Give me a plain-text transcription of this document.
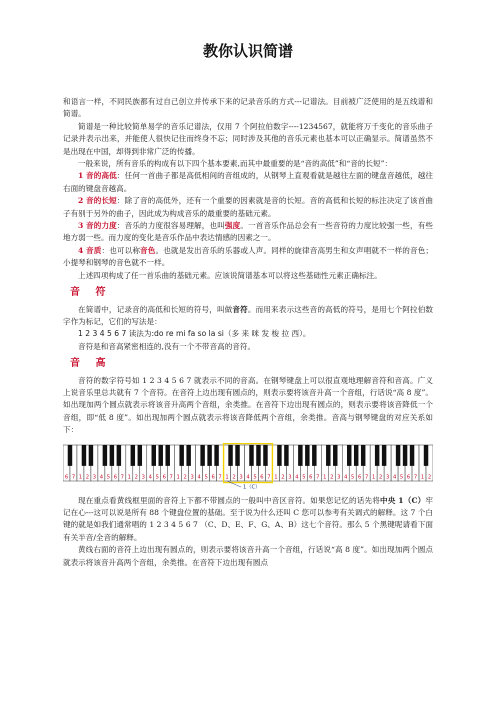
教你认识简谱

和语言一样，不同民族都有过自己创立并传承下来的记录音乐的方式---记谱法。目前被广泛使用的是五线谱和简谱。

简谱是一种比较简单易学的音乐记谱法，仅用 7 个阿拉伯数字----1234567，就能将万千变化的音乐曲子记录并表示出来，并能使人很快记住而终身不忘；同时涉及其他的音乐元素也基本可以正确显示。简谱虽然不是出现在中国，却得到非常广泛的传播。

一般来说，所有音乐的构成有以下四个基本要素,而其中最重要的是“音的高低”和“音的长短”：

1 音的高低：任何一首曲子都是高低相间的音组成的，从钢琴上直观看就是越往左面的键盘音越低，越往右面的键盘音越高。

2 音的长短：除了音的高低外，还有一个重要的因素就是音的长短。音的高低和长短的标注决定了该首曲子有别于另外的曲子，因此成为构成音乐的最重要的基础元素。

3 音的力度：音乐的力度很容易理解，也叫强度。一首音乐作品总会有一些音符的力度比较强一些，有些地方弱一些。而力度的变化是音乐作品中表达情感的因素之一。

4 音质：也可以称音色。也就是发出音乐的乐器或人声。同样的旋律音高男生和女声唱就不一样的音色；小提琴和钢琴的音色就不一样。

上述四项构成了任一首乐曲的基础元素。应该说简谱基本可以将这些基础性元素正确标注。

音 符

在简谱中，记录音的高低和长短的符号，叫做音符。而用来表示这些音的高低的符号，是用七个阿拉伯数字作为标记，它们的写法是：

1 2 3 4 5 6 7 读法为:do re mi fa so la si（多 来 咪 发 梭 拉 西）。

音符是和音高紧密相连的,没有一个不带音高的音符。

音 高

音符的数字符号如 1 2 3 4 5 6 7 就表示不同的音高。在钢琴键盘上可以很直观地理解音符和音高。广义上说音乐里总共就有 7 个音符。在音符上边出现有圆点的，则表示要将该音升高一个音组，行话说“高 8 度”。如出现加两个圆点就表示将该音升高两个音组，余类推。在音符下边出现有圆点的，则表示要将该音降低一个音组，即“低 8 度”。如出现加两个圆点就表示将该音降低两个音组，余类推。音高与钢琴键盘的对应关系如下：

6 7 1 2 3 4 5 6 7 1 2 3 4 5 6 7 1 2 3 4 5 6 7 1 2 3 4 5 6 7 1 2 3 4 5 6 7 1 2 3 4 5 6 7 1 2 3 4 5 6 7 1 2
1（C）

现在重点看黄线框里面的音符上下都不带圆点的一般叫中音区音符。如果您记忆的话先将中央 1（C）牢记在心---这可以说是所有 88 个键盘位置的基础。至于说为什么还叫 C 您可以参考有关调式的解释。这 7 个白键的就是如我们通常唱的 1 2 3 4 5 6 7 （C、D、E、F、G、A、B）这七个音符。那么 5 个黑键呢请看下面有关半音/全音的解释。

黄线右面的音符上边出现有圆点的，则表示要将该音升高一个音组，行话说“高 8 度”。如出现加两个圆点就表示将该音升高两个音组，余类推。在音符下边出现有圆点
